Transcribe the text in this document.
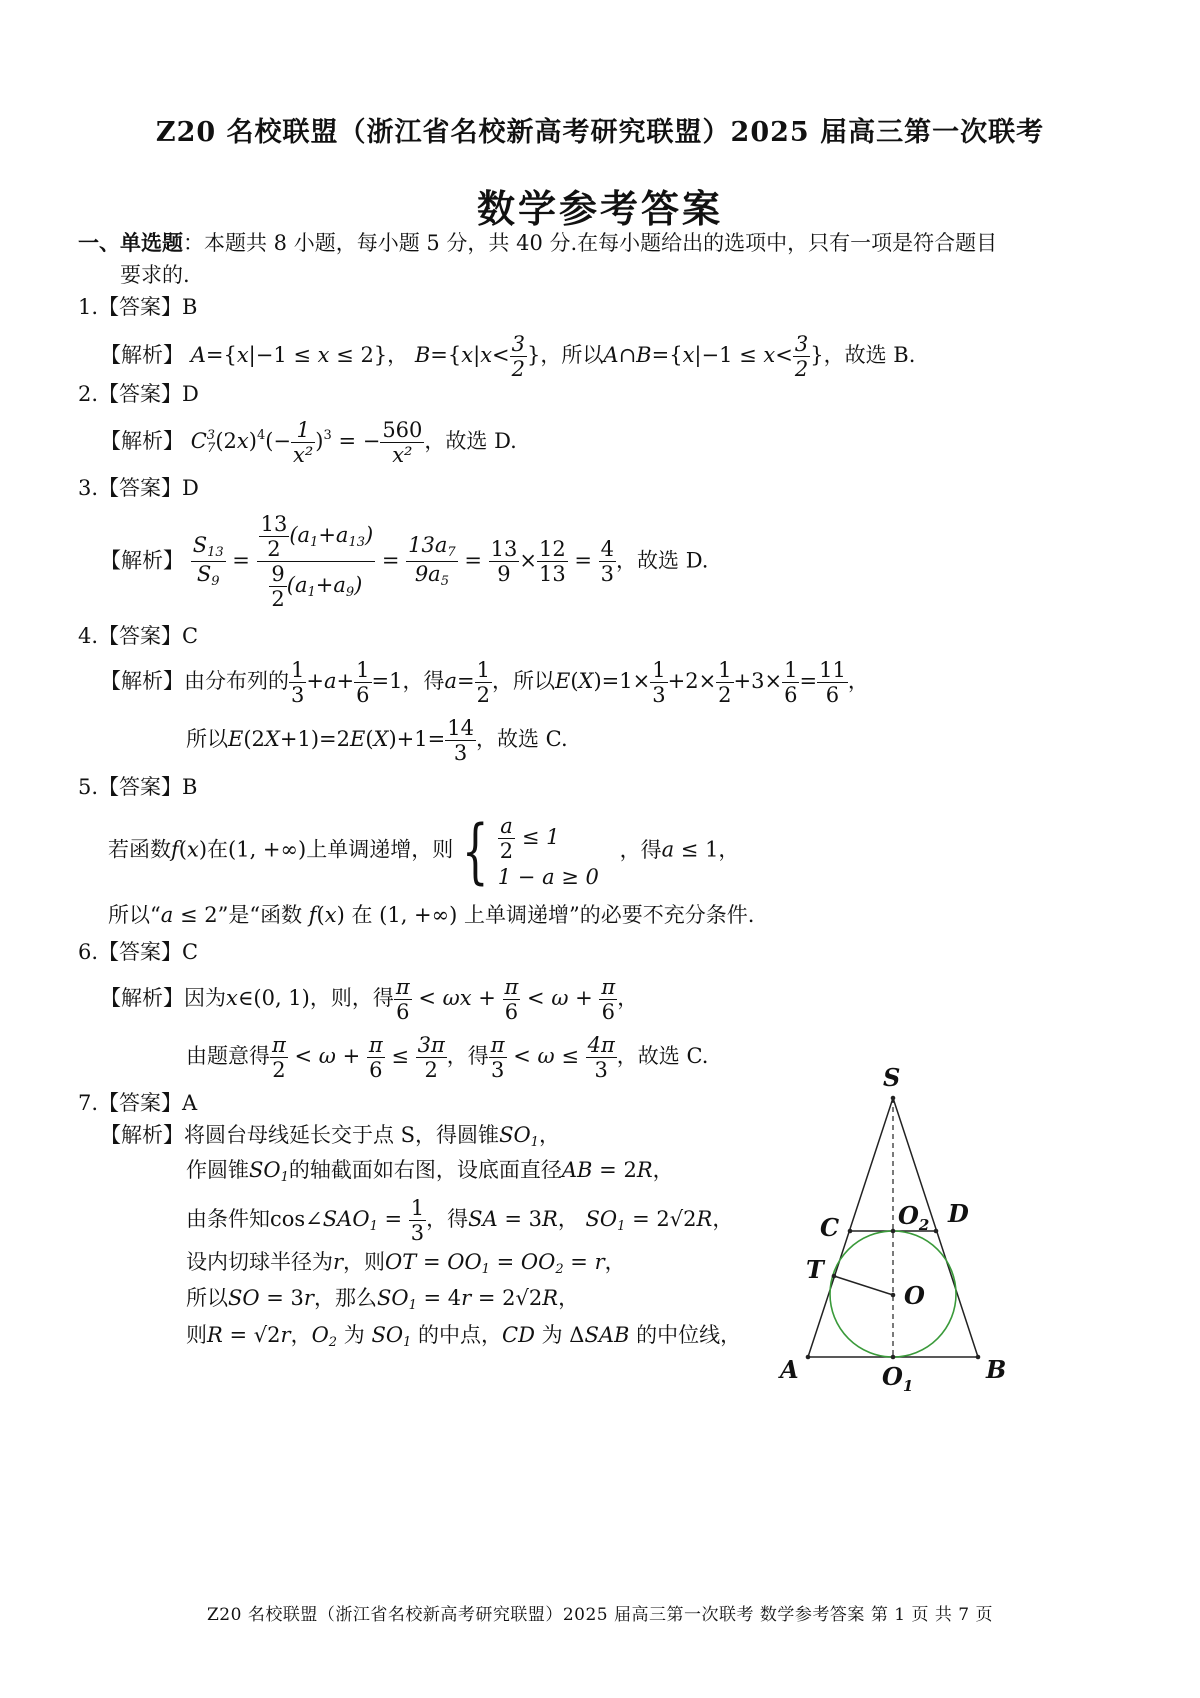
Z20 名校联盟（浙江省名校新高考研究联盟）2025 届高三第一次联考
数学参考答案
一、单选题：本题共 8 小题，每小题 5 分，共 40 分.在每小题给出的选项中，只有一项是符合题目
要求的.
1.【答案】B
【解析】 A={x|−1 ≤ x ≤ 2}， $B=\{x|x< \frac{3}{2}$ }，所以A∩B={x|−1 ≤ $x< \frac{3}{2}$ }，故选 B.
2.【答案】D
【解析】 $C^3_7(2x)^4(- \frac{1}{\text{x²}} )^3$ = − $\frac{560}{\text{x²}}$ ，故选 D.
3.【答案】D
【解析】 $\frac{S_{13}}{S_9} = \frac{\frac{13}{2} (a_1+a_{13})}{\frac{9}{2} (a_1+a_9)} = \frac{13a_7}{9a_5} = \frac{13}{9} \times \frac{12}{13} = \frac{4}{3}$ ，故选 D.
4.【答案】C
【解析】由分布列的 $\frac{1}{3} +a+ \frac{1}{6} =1$，得$a= \frac{1}{2}$ ，所以$E(X)=1\times \frac{1}{3} +2\times \frac{1}{2} +3\times \frac{1}{6} = \frac{11}{6}$ ，
所以$E(2X+1)=2E(X)+1= \frac{14}{3}$ ，故选 C.
5.【答案】B
若函数f(x)在(1, +∞)上单调递增，则 { $\frac{a}{2} \le 1$
1 − a ≥ 0
，得a ≤ 1，
所以“a ≤ 2”是“函数 f(x) 在 (1, +∞) 上单调递增”的必要不充分条件.
6.【答案】C
【解析】因为x∈(0, 1)，则，得 $\frac{\pi}{6} < \omega x + \frac{\pi}{6} < \omega + \frac{\pi}{6}$ ，
由题意得 $\frac{\pi}{2} < \omega + \frac{\pi}{6} \le \frac{3\pi}{2}$ ，得 $\frac{\pi}{3} < \omega \le \frac{4\pi}{3}$ ，故选 C.
7.【答案】A
【解析】将圆台母线延长交于点 S，得圆锥$SO_1$，
作圆锥$SO_1$的轴截面如右图，设底面直径AB = 2R，
由条件知$\cos\angle SAO_1 = \frac{1}{3}$ ，得SA = 3R， $SO_1 = 2√2R$，
设内切球半径为r，则OT = $OO_1 = OO_2 = r$，
所以SO = 3r，那么$SO_1 = 4r = 2√2R$，
则R = √2r，$O_2$ 为 $SO_1$ 的中点，CD 为 ΔSAB 的中位线，
S
C $O_2$ D
T
O
A	$O_1$
B
Z20 名校联盟（浙江省名校新高考研究联盟）2025 届高三第一次联考 数学参考答案 第 1 页 共 7 页
